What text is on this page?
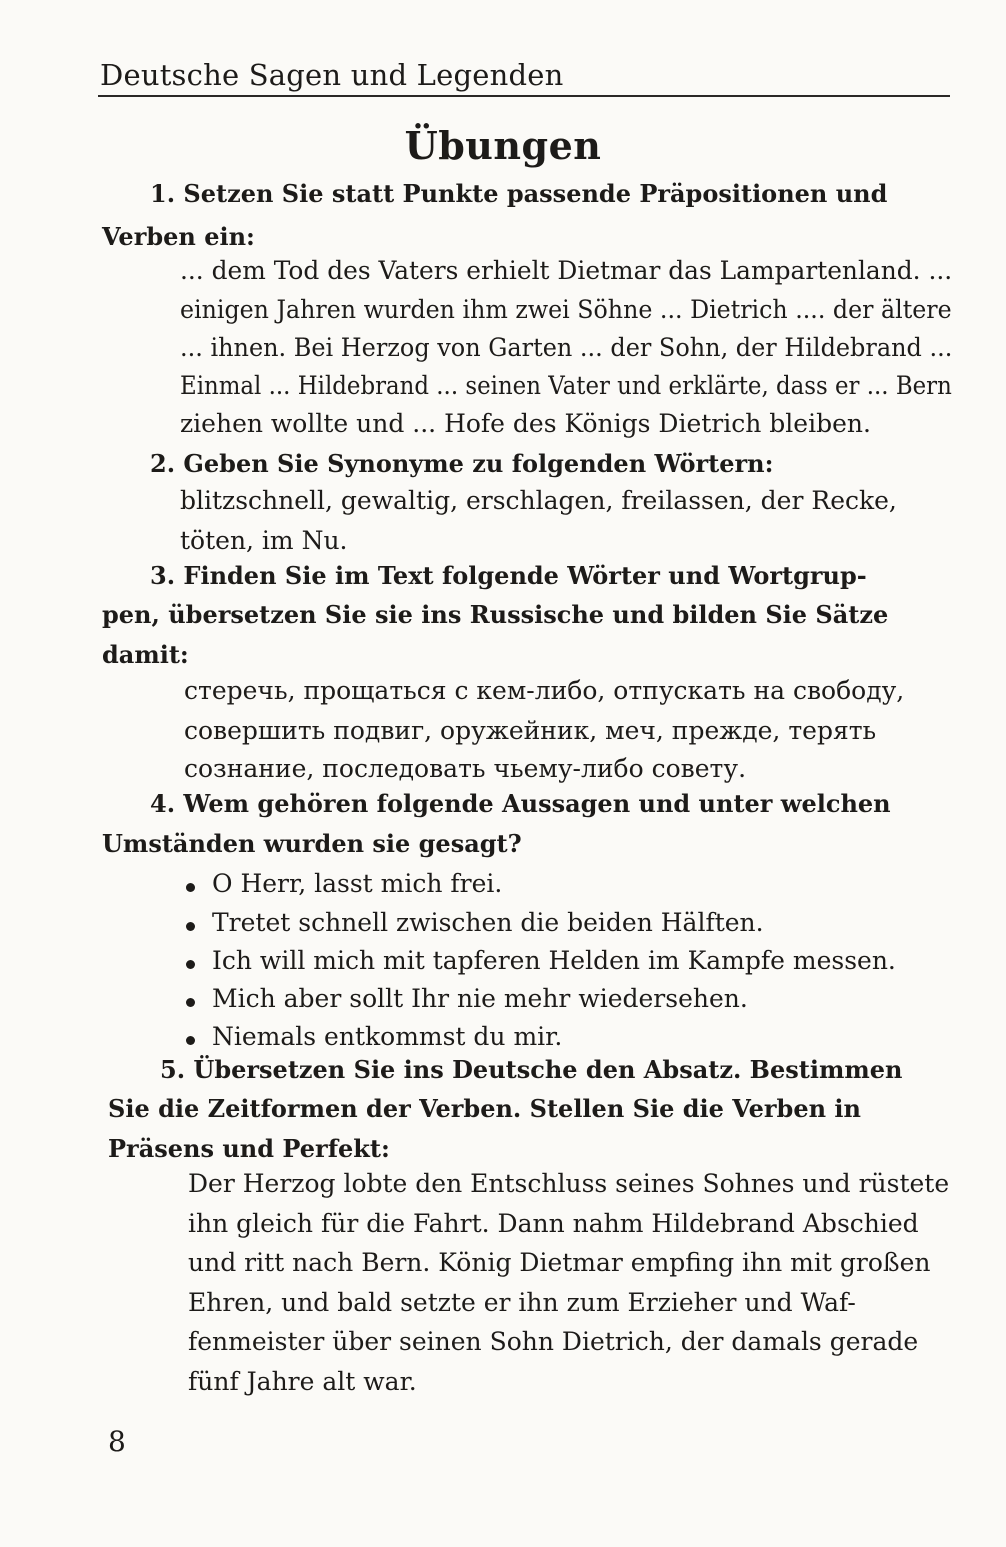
Deutsche Sagen und Legenden
Übungen
1. Setzen Sie statt Punkte passende Präpositionen und
Verben ein:
... dem Tod des Vaters erhielt Dietmar das Lampartenland. ...
einigen Jahren wurden ihm zwei Söhne ... Dietrich .... der ältere
... ihnen. Bei Herzog von Garten ... der Sohn, der Hildebrand ...
Einmal ... Hildebrand ... seinen Vater und erklärte, dass er ... Bern
ziehen wollte und ... Hofe des Königs Dietrich bleiben.
2. Geben Sie Synonyme zu folgenden Wörtern:
blitzschnell, gewaltig, erschlagen, freilassen, der Recke,
töten, im Nu.
3. Finden Sie im Text folgende Wörter und Wortgrup-
pen, übersetzen Sie sie ins Russische und bilden Sie Sätze
damit:
стеречь, прощаться с кем-либо, отпускать на свободу,
совершить подвиг, оружейник, меч, прежде, терять
сознание, последовать чьему-либо совету.
4. Wem gehören folgende Aussagen und unter welchen
Umständen wurden sie gesagt?
O Herr, lasst mich frei.
Tretet schnell zwischen die beiden Hälften.
Ich will mich mit tapferen Helden im Kampfe messen.
Mich aber sollt Ihr nie mehr wiedersehen.
Niemals entkommst du mir.
5. Übersetzen Sie ins Deutsche den Absatz. Bestimmen
Sie die Zeitformen der Verben. Stellen Sie die Verben in
Präsens und Perfekt:
Der Herzog lobte den Entschluss seines Sohnes und rüstete
ihn gleich für die Fahrt. Dann nahm Hildebrand Abschied
und ritt nach Bern. König Dietmar empfing ihn mit großen
Ehren, und bald setzte er ihn zum Erzieher und Waf-
fenmeister über seinen Sohn Dietrich, der damals gerade
fünf Jahre alt war.
8
